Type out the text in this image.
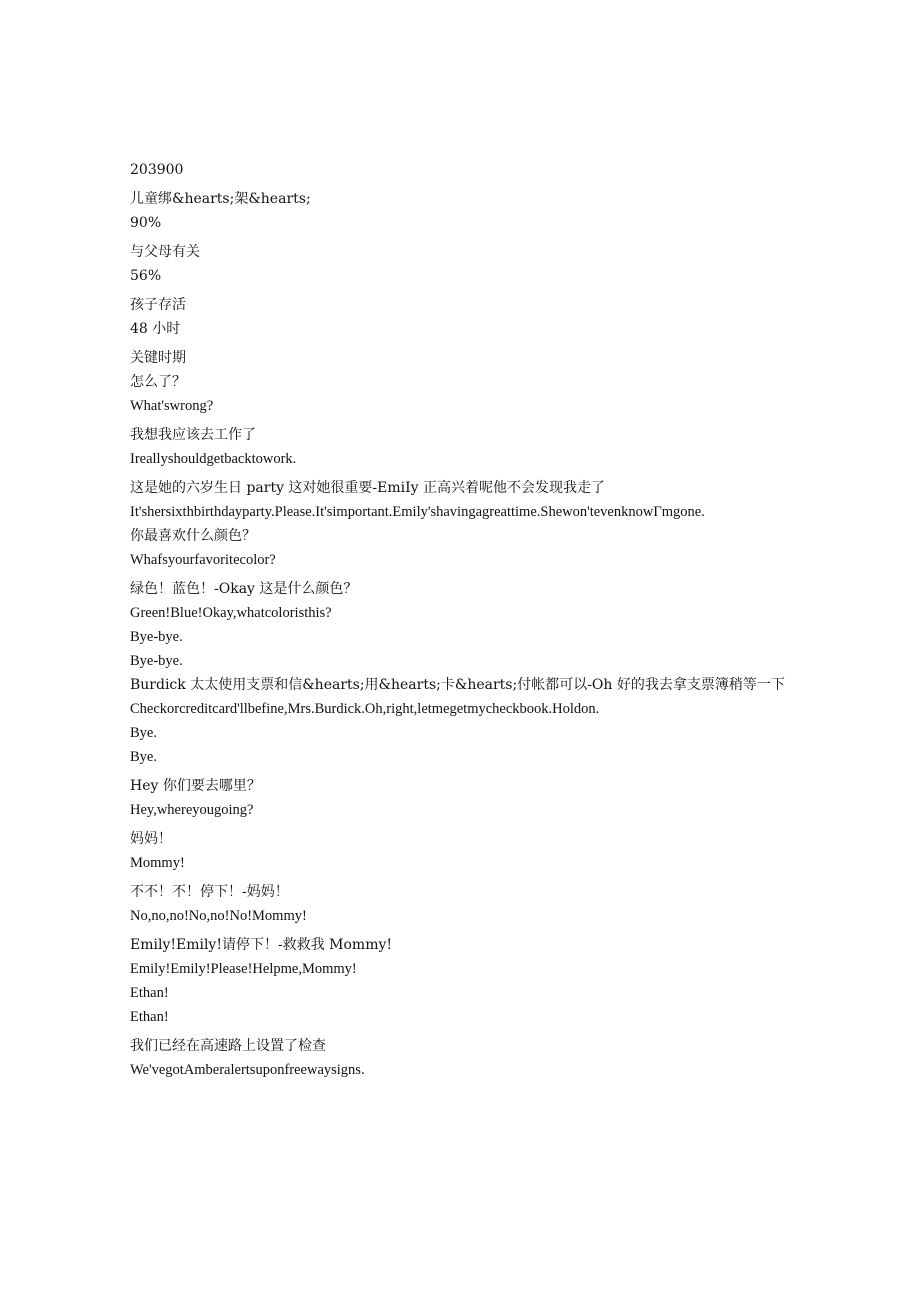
203900

儿童绑&hearts;架&hearts;

90%

与父母有关

56%

孩子存活

48 小时

关键时期

怎么了？

What'swrong?

我想我应该去工作了

Ireallyshouldgetbacktowork.

这是她的六岁生日 party 这对她很重要-EmiIy 正高兴着呢他不会发现我走了

It'shersixthbirthdayparty.Please.It'simportant.Emily'shavingagreattime.Shewon'tevenknowΓmgone.

你最喜欢什么颜色？

Whafsyourfavoritecolor?

绿色！蓝色！-Okay 这是什么颜色？

Green!Blue!Okay,whatcoloristhis?

Bye-bye.

Bye-bye.

Burdick 太太使用支票和信&hearts;用&hearts;卡&hearts;付帐都可以-Oh 好的我去拿支票簿稍等一下

Checkorcreditcard'llbefine,Mrs.Burdick.Oh,right,letmegetmycheckbook.Holdon.

Bye.

Bye.

Hey 你们要去哪里？

Hey,whereyougoing?

妈妈！

Mommy!

不不！不！停下！-妈妈！

No,no,no!No,no!No!Mommy!

Emily!Emily!请停下！-救救我 Mommy!

Emily!Emily!Please!Helpme,Mommy!

Ethan!

Ethan!

我们已经在高速路上设置了检查

We'vegotAmberalertsuponfreewaysigns.
